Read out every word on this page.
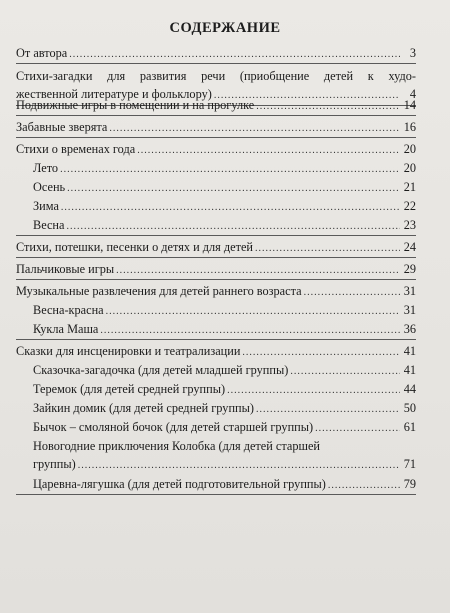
СОДЕРЖАНИЕ
От автора .....	3
Стихи-загадки для развития речи (приобщение детей к худо-
жественной литературе и фольклору) .....	4
Подвижные игры в помещении и на прогулке .....	14
Забавные зверята .....	16
Стихи о временах года .....	20
Лето .....	20
Осень .....	21
Зима .....	22
Весна .....	23
Стихи, потешки, песенки о детях и для детей .....	24
Пальчиковые игры .....	29
Музыкальные развлечения для детей раннего возраста .....	31
Весна-красна .....	31
Кукла Маша .....	36
Сказки для инсценировки и театрализации .....	41
Сказочка-загадочка (для детей младшей группы) .....	41
Теремок (для детей средней группы) .....	44
Зайкин домик (для детей средней группы) .....	50
Бычок – смоляной бочок (для детей старшей группы) .....	61
Новогодние приключения Колобка (для детей старшей
группы) .....	71
Царевна-лягушка (для детей подготовительной группы) .....	79
